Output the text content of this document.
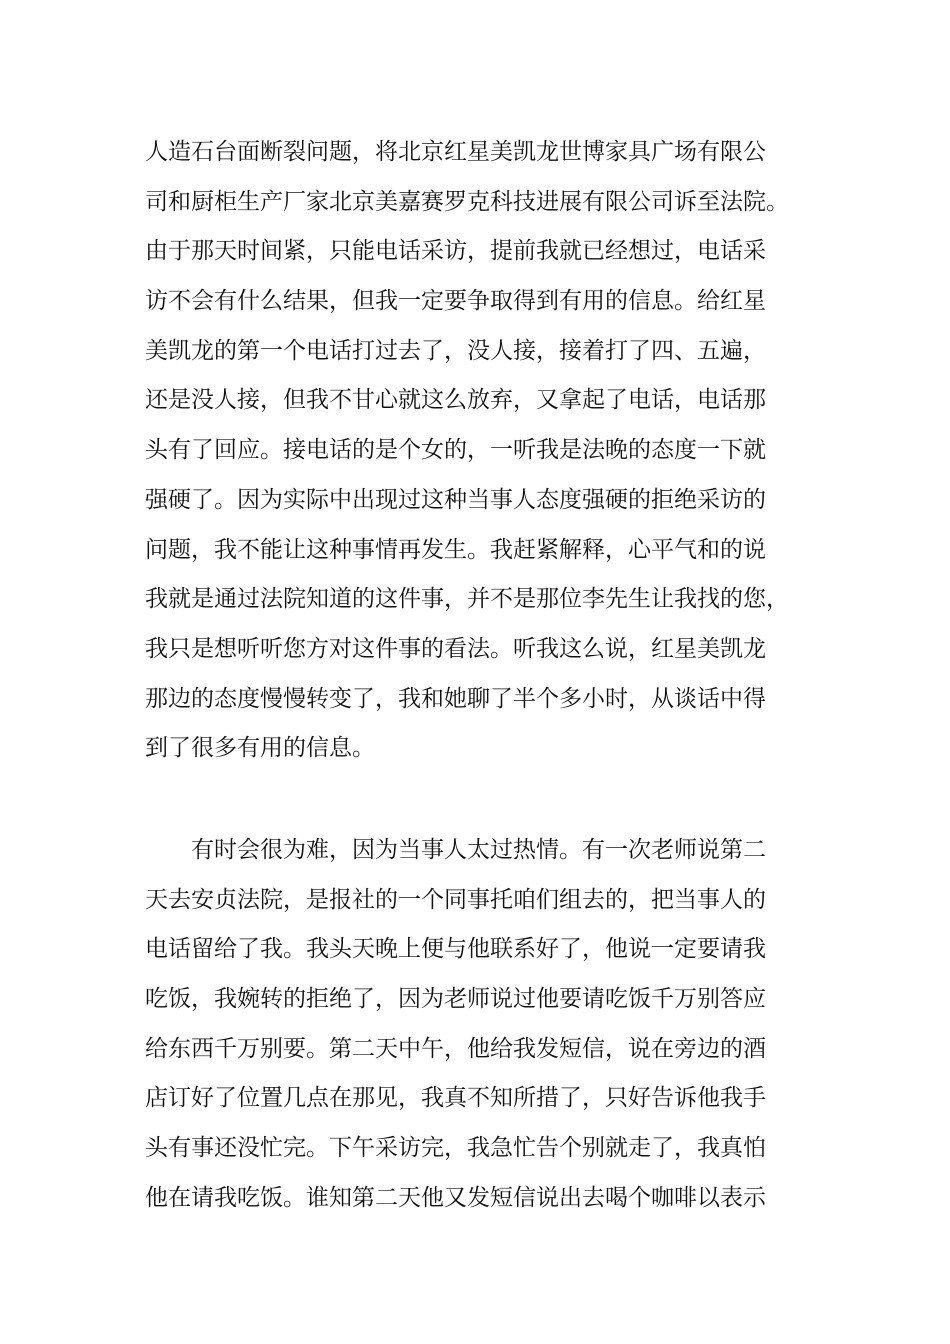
人造石台面断裂问题，将北京红星美凯龙世博家具广场有限公
司和厨柜生产厂家北京美嘉赛罗克科技进展有限公司诉至法院。
由于那天时间紧，只能电话采访，提前我就已经想过，电话采
访不会有什么结果，但我一定要争取得到有用的信息。给红星
美凯龙的第一个电话打过去了，没人接，接着打了四、五遍，
还是没人接，但我不甘心就这么放弃，又拿起了电话，电话那
头有了回应。接电话的是个女的，一听我是法晚的态度一下就
强硬了。因为实际中出现过这种当事人态度强硬的拒绝采访的
问题，我不能让这种事情再发生。我赶紧解释，心平气和的说
我就是通过法院知道的这件事，并不是那位李先生让我找的您，
我只是想听听您方对这件事的看法。听我这么说，红星美凯龙
那边的态度慢慢转变了，我和她聊了半个多小时，从谈话中得
到了很多有用的信息。
有时会很为难，因为当事人太过热情。有一次老师说第二
天去安贞法院，是报社的一个同事托咱们组去的，把当事人的
电话留给了我。我头天晚上便与他联系好了，他说一定要请我
吃饭，我婉转的拒绝了，因为老师说过他要请吃饭千万别答应
给东西千万别要。第二天中午，他给我发短信，说在旁边的酒
店订好了位置几点在那见，我真不知所措了，只好告诉他我手
头有事还没忙完。下午采访完，我急忙告个别就走了，我真怕
他在请我吃饭。谁知第二天他又发短信说出去喝个咖啡以表示
